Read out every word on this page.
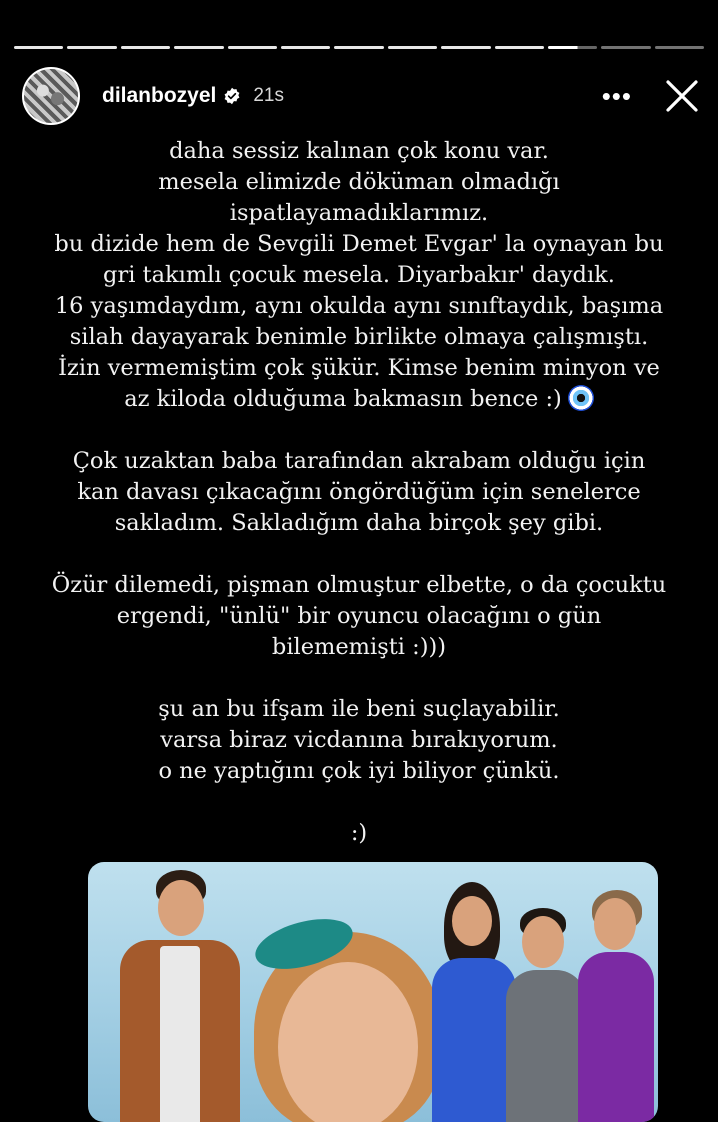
dilanbozyel 21s	•••

daha sessiz kalınan çok konu var.
mesela elimizde döküman olmadığı
ispatlayamadıklarımız.
bu dizide hem de Sevgili Demet Evgar' la oynayan bu
gri takımlı çocuk mesela. Diyarbakır' daydık.
16 yaşımdaydım, aynı okulda aynı sınıftaydık, başıma
silah dayayarak benimle birlikte olmaya çalışmıştı.
İzin vermemiştim çok şükür. Kimse benim minyon ve
az kiloda olduğuma bakmasın bence :)

Çok uzaktan baba tarafından akrabam olduğu için
kan davası çıkacağını öngördüğüm için senelerce
sakladım. Sakladığım daha birçok şey gibi.

Özür dilemedi, pişman olmuştur elbette, o da çocuktu
ergendi, "ünlü" bir oyuncu olacağını o gün
bilememişti :)))

şu an bu ifşam ile beni suçlayabilir.
varsa biraz vicdanına bırakıyorum.
o ne yaptığını çok iyi biliyor çünkü.

:)
